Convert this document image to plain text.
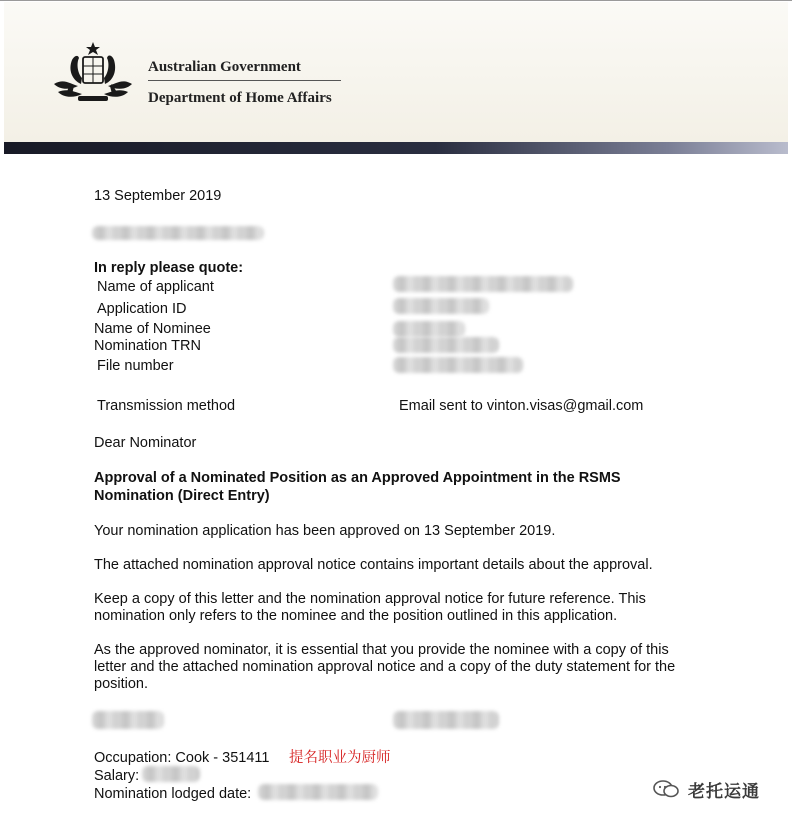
Australian Government
Department of Home Affairs
13 September 2019
In reply please quote:
Name of applicant
Application ID
Name of Nominee
Nomination TRN
File number
Transmission method	Email sent to vinton.visas@gmail.com
Dear Nominator
Approval of a Nominated Position as an Approved Appointment in the RSMS
Nomination (Direct Entry)
Your nomination application has been approved on 13 September 2019.
The attached nomination approval notice contains important details about the approval.
Keep a copy of this letter and the nomination approval notice for future reference. This nomination only refers to the nominee and the position outlined in this application.
As the approved nominator, it is essential that you provide the nominee with a copy of this letter and the attached nomination approval notice and a copy of the duty statement for the position.
Occupation: Cook - 351411 提名职业为厨师
Salary:
Nomination lodged date:	老托运通
